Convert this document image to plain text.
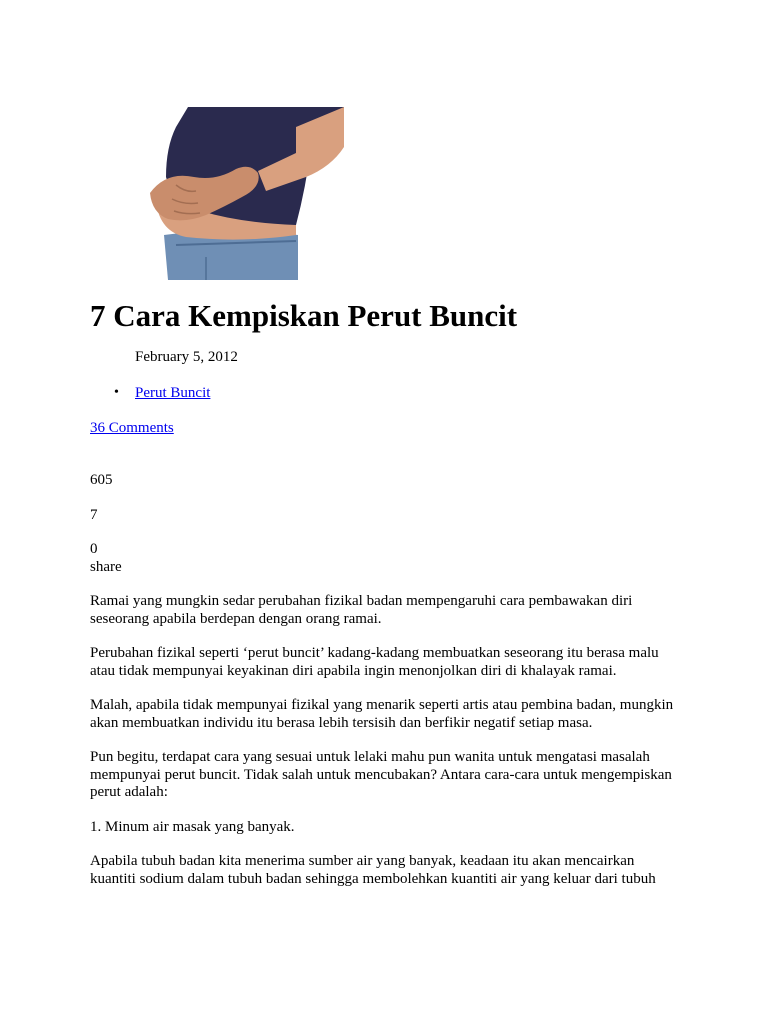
7 Cara Kempiskan Perut Buncit
February 5, 2012
• Perut Buncit
36 Comments
605
7
0
share

Ramai yang mungkin sedar perubahan fizikal badan mempengaruhi cara pembawakan diri
seseorang apabila berdepan dengan orang ramai.

Perubahan fizikal seperti ‘perut buncit’ kadang-kadang membuatkan seseorang itu berasa malu
atau tidak mempunyai keyakinan diri apabila ingin menonjolkan diri di khalayak ramai.

Malah, apabila tidak mempunyai fizikal yang menarik seperti artis atau pembina badan, mungkin
akan membuatkan individu itu berasa lebih tersisih dan berfikir negatif setiap masa.

Pun begitu, terdapat cara yang sesuai untuk lelaki mahu pun wanita untuk mengatasi masalah
mempunyai perut buncit. Tidak salah untuk mencubakan? Antara cara-cara untuk mengempiskan
perut adalah:

1. Minum air masak yang banyak.

Apabila tubuh badan kita menerima sumber air yang banyak, keadaan itu akan mencairkan
kuantiti sodium dalam tubuh badan sehingga membolehkan kuantiti air yang keluar dari tubuh
